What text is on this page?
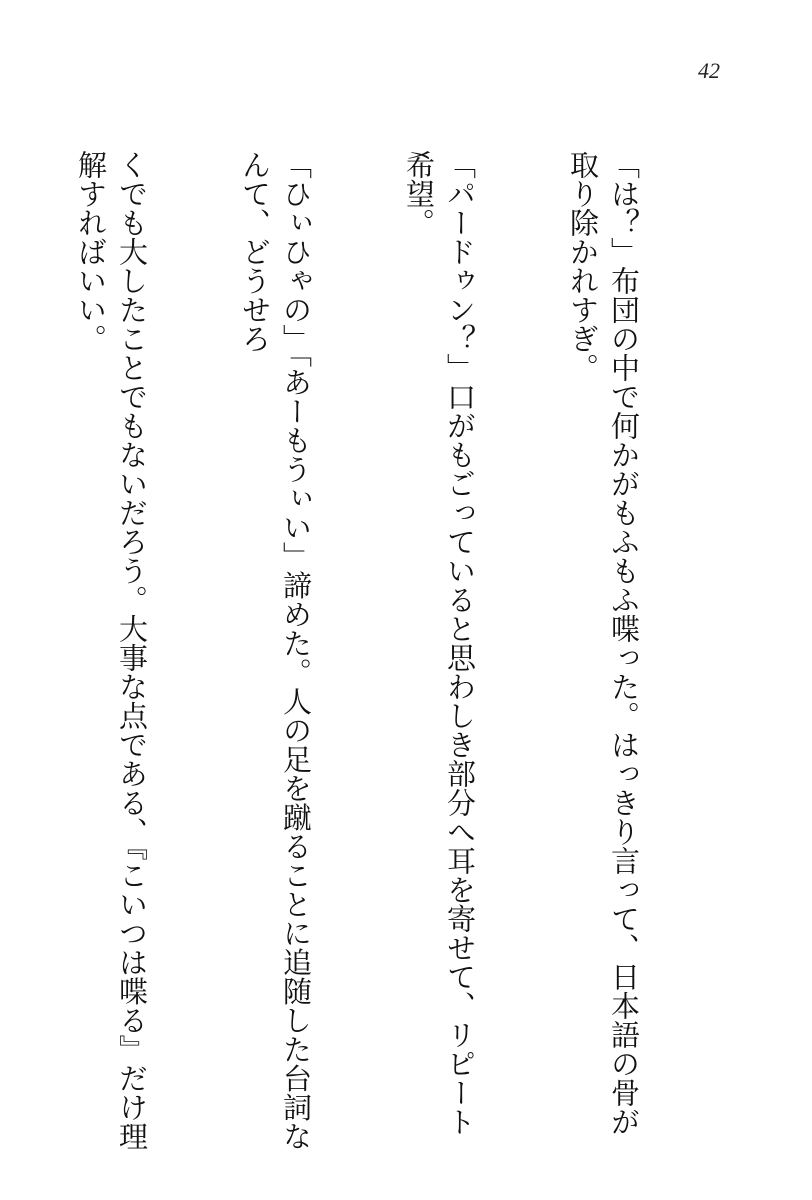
42

「は？」布団の中で何かがもふもふ喋った。はっきり言って、日本語の骨が取り除かれすぎ。

「パードゥン？」口がもごっていると思わしき部分へ耳を寄せて、リピート希望。

「ひぃひゃの」「あーもうぃい」諦めた。人の足を蹴ることに追随した台詞なんて、どうせろ

くでも大したことでもないだろう。大事な点である、『こいつは喋る』だけ理解すればいい。
